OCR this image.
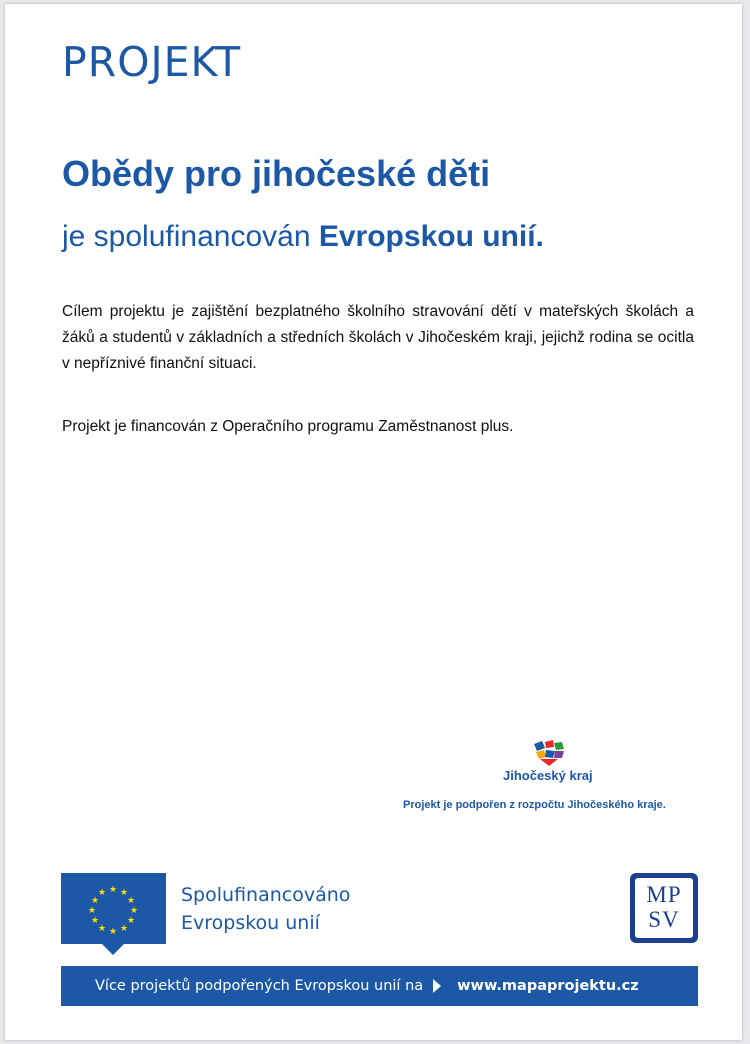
PROJEKT
Obědy pro jihočeské děti
je spolufinancován Evropskou unií.

Cílem projektu je zajištění bezplatného školního stravování dětí v mateřských školách a žáků a studentů v základních a středních školách v Jihočeském kraji, jejichž rodina se ocitla v nepříznivé finanční situaci.

Projekt je financován z Operačního programu Zaměstnanost plus.

Jihočeský kraj
Projekt je podpořen z rozpočtu Jihočeského kraje.
★ ★
★
★
★
★
★
★
★
★
★
★	Spolufinancováno
Evropskou unií
MP
SV
Více projektů podpořených Evropskou unií na www.mapaprojektu.cz
